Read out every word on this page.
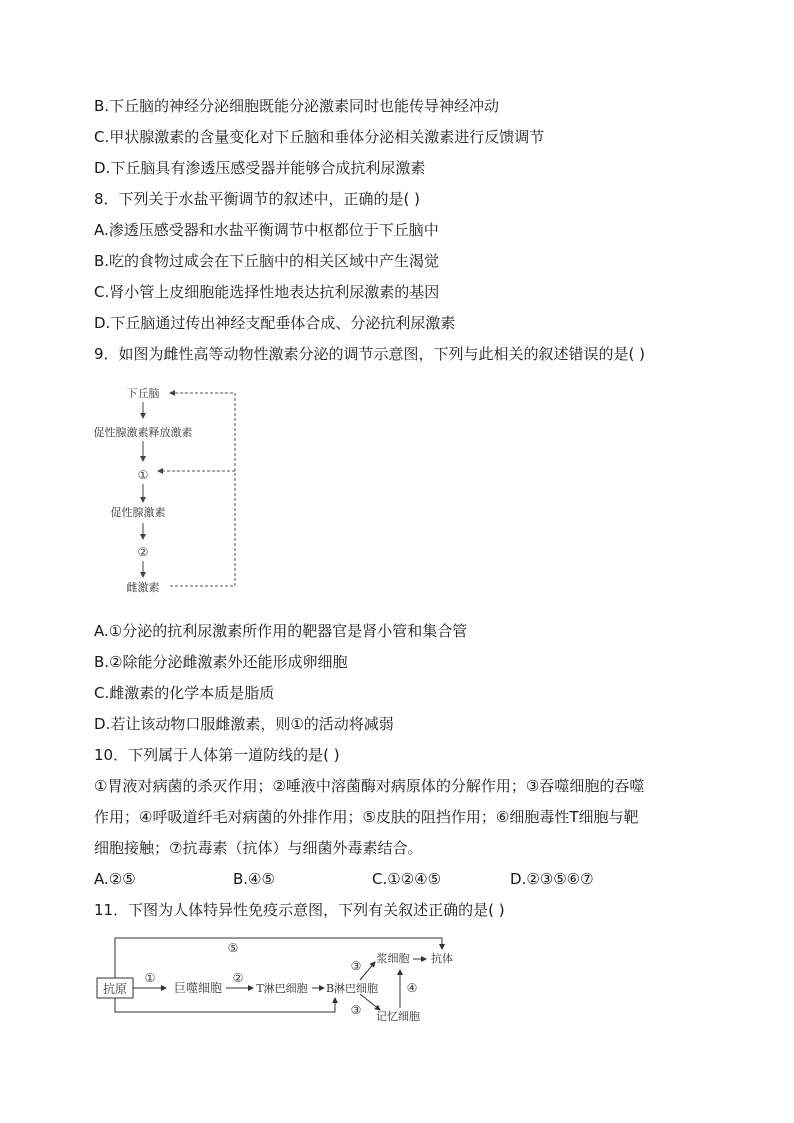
B.下丘脑的神经分泌细胞既能分泌激素同时也能传导神经冲动
C.甲状腺激素的含量变化对下丘脑和垂体分泌相关激素进行反馈调节
D.下丘脑具有渗透压感受器并能够合成抗利尿激素
8．下列关于水盐平衡调节的叙述中，正确的是( )
A.渗透压感受器和水盐平衡调节中枢都位于下丘脑中
B.吃的食物过咸会在下丘脑中的相关区域中产生渴觉
C.肾小管上皮细胞能选择性地表达抗利尿激素的基因
D.下丘脑通过传出神经支配垂体合成、分泌抗利尿激素
9．如图为雌性高等动物性激素分泌的调节示意图，下列与此相关的叙述错误的是( )
下丘脑
促性腺激素释放激素
①
促性腺激素
②
雌激素
A.①分泌的抗利尿激素所作用的靶器官是肾小管和集合管
B.②除能分泌雌激素外还能形成卵细胞
C.雌激素的化学本质是脂质
D.若让该动物口服雌激素，则①的活动将减弱
10．下列属于人体第一道防线的是( )
①胃液对病菌的杀灭作用；②唾液中溶菌酶对病原体的分解作用；③吞噬细胞的吞噬
作用；④呼吸道纤毛对病菌的外排作用；⑤皮肤的阻挡作用；⑥细胞毒性T细胞与靶
细胞接触；⑦抗毒素（抗体）与细菌外毒素结合。
A.②⑤	B.④⑤	C.①②④⑤	D.②③⑤⑥⑦
11．下图为人体特异性免疫示意图，下列有关叙述正确的是( )
抗原
①
巨噬细胞
②
T淋巴细胞 B淋巴细胞
③
浆细胞 抗体
③ 记忆细胞
④
⑤
